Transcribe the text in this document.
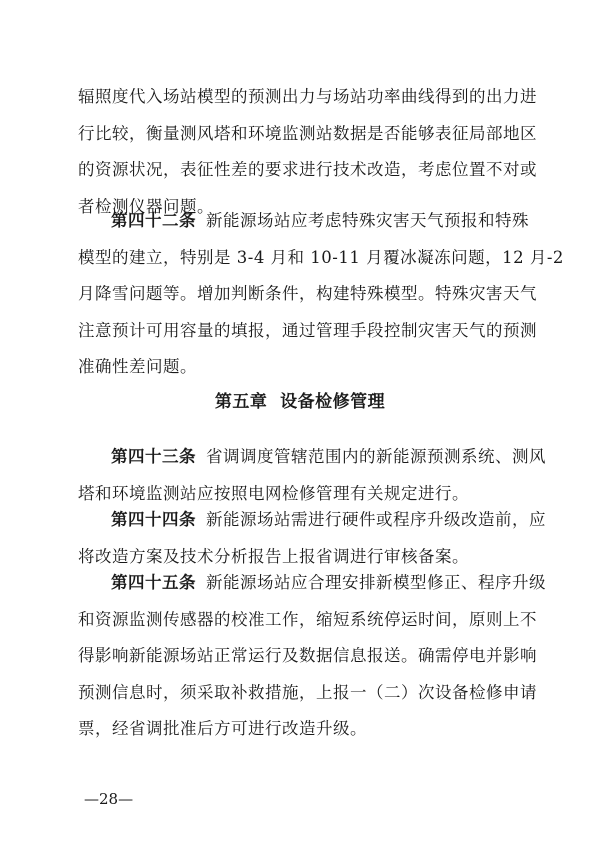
辐照度代入场站模型的预测出力与场站功率曲线得到的出力进
行比较，衡量测风塔和环境监测站数据是否能够表征局部地区
的资源状况，表征性差的要求进行技术改造，考虑位置不对或
者检测仪器问题。
第四十二条 新能源场站应考虑特殊灾害天气预报和特殊
模型的建立，特别是 3-4 月和 10-11 月覆冰凝冻问题，12 月-2
月降雪问题等。增加判断条件，构建特殊模型。特殊灾害天气
注意预计可用容量的填报，通过管理手段控制灾害天气的预测
准确性差问题。
第五章  设备检修管理
第四十三条 省调调度管辖范围内的新能源预测系统、测风
塔和环境监测站应按照电网检修管理有关规定进行。
第四十四条 新能源场站需进行硬件或程序升级改造前，应
将改造方案及技术分析报告上报省调进行审核备案。
第四十五条 新能源场站应合理安排新模型修正、程序升级
和资源监测传感器的校准工作，缩短系统停运时间，原则上不
得影响新能源场站正常运行及数据信息报送。确需停电并影响
预测信息时，须采取补救措施，上报一（二）次设备检修申请
票，经省调批准后方可进行改造升级。
—28—
